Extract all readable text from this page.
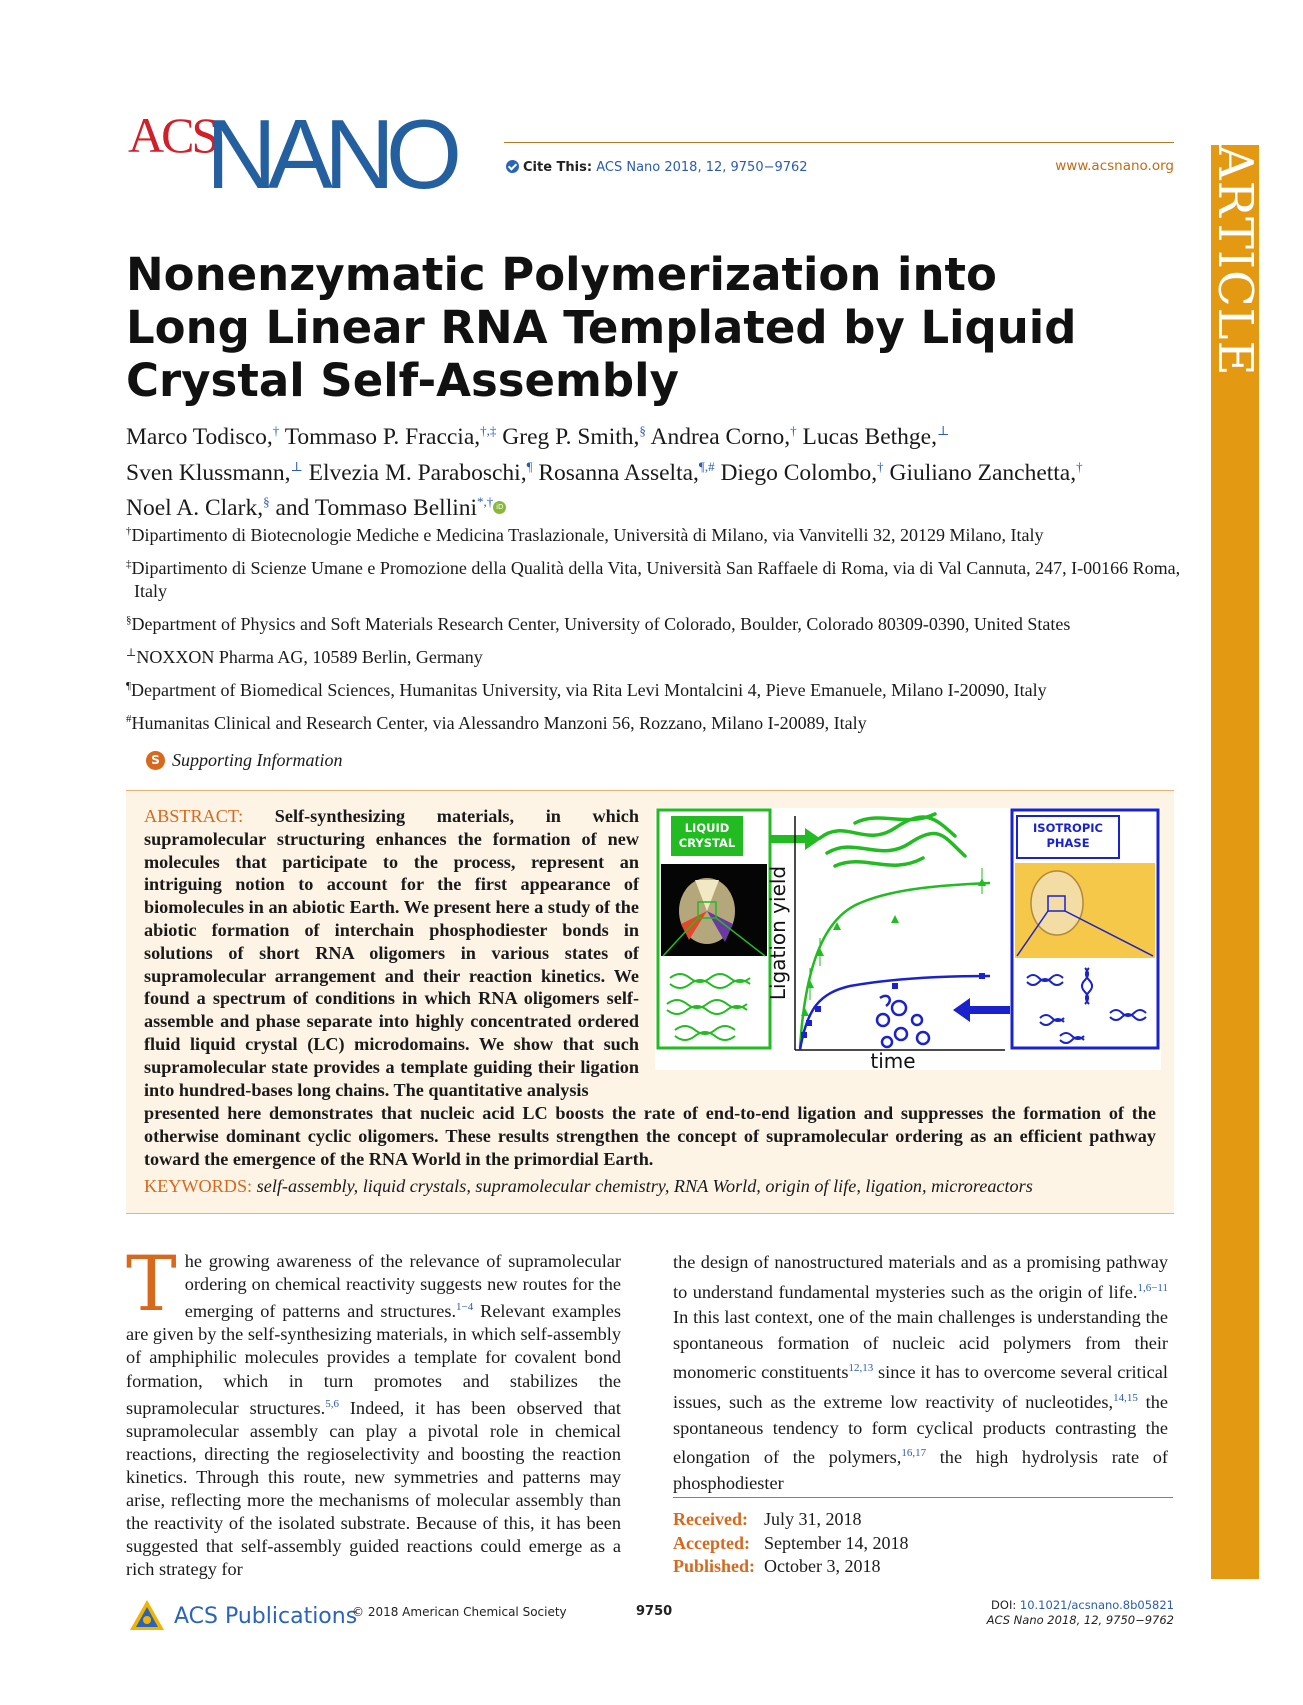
ACS
NANO	Cite This: ACS Nano 2018, 12, 9750−9762	www.acsnano.org ARTICLE
Nonenzymatic Polymerization into Long Linear RNA Templated by Liquid Crystal Self-Assembly
Marco Todisco,† Tommaso P. Fraccia,†,‡ Greg P. Smith,§ Andrea Corno,† Lucas Bethge,⊥
Sven Klussmann,⊥ Elvezia M. Paraboschi,¶ Rosanna Asselta,¶,# Diego Colombo,† Giuliano Zanchetta,†
Noel A. Clark,§ and Tommaso Bellini*,† iD

†Dipartimento di Biotecnologie Mediche e Medicina Traslazionale, Università di Milano, via Vanvitelli 32, 20129 Milano, Italy

‡Dipartimento di Scienze Umane e Promozione della Qualità della Vita, Università San Raffaele di Roma, via di Val Cannuta, 247, I-00166 Roma, Italy

§Department of Physics and Soft Materials Research Center, University of Colorado, Boulder, Colorado 80309-0390, United States

⊥NOXXON Pharma AG, 10589 Berlin, Germany

¶Department of Biomedical Sciences, Humanitas University, via Rita Levi Montalcini 4, Pieve Emanuele, Milano I-20090, Italy

#Humanitas Clinical and Research Center, via Alessandro Manzoni 56, Rozzano, Milano I-20089, Italy

S Supporting Information
ABSTRACT: Self-synthesizing materials, in which supramolecular structuring enhances the formation of new molecules that participate to the process, represent an intriguing notion to account for the first appearance of biomolecules in an abiotic Earth. We present here a study of the abiotic formation of interchain phosphodiester bonds in solutions of short RNA oligomers in various states of supramolecular arrangement and their reaction kinetics. We found a spectrum of conditions in which RNA oligomers self-assemble and phase separate into highly concentrated ordered fluid liquid crystal (LC) microdomains. We show that such supramolecular state provides a template guiding their ligation into hundred-bases long chains. The quantitative analysis
presented here demonstrates that nucleic acid LC boosts the rate of end-to-end ligation and suppresses the formation of the otherwise dominant cyclic oligomers. These results strengthen the concept of supramolecular ordering as an efficient pathway toward the emergence of the RNA World in the primordial Earth.
KEYWORDS: self-assembly, liquid crystals, supramolecular chemistry, RNA World, origin of life, ligation, microreactors
LIQUID
CRYSTAL
Ligation yield
time
ISOTROPIC
PHASE
The growing awareness of the relevance of supramolecular ordering on chemical reactivity suggests new routes for the emerging of patterns and structures.$^{1-4}$ Relevant examples are given by the self-synthesizing materials, in which self-assembly of amphiphilic molecules provides a template for covalent bond formation, which in turn promotes and stabilizes the supramolecular structures.$^{5,6}$ Indeed, it has been observed that supramolecular assembly can play a pivotal role in chemical reactions, directing the regioselectivity and boosting the reaction kinetics. Through this route, new symmetries and patterns may arise, reflecting more the mechanisms of molecular assembly than the reactivity of the isolated substrate. Because of this, it has been suggested that self-assembly guided reactions could emerge as a rich strategy for
the design of nanostructured materials and as a promising pathway to understand fundamental mysteries such as the origin of life.$^{1,6-11}$ In this last context, one of the main challenges is understanding the spontaneous formation of nucleic acid polymers from their monomeric constituents$^{12,13}$ since it has to overcome several critical issues, such as the extreme low reactivity of nucleotides,$^{14,15}$ the spontaneous tendency to form cyclical products contrasting the elongation of the polymers,$^{16,17}$ the high hydrolysis rate of phosphodiester
Received: July 31, 2018
Accepted: September 14, 2018
Published: October 3, 2018
ACS Publications
© 2018 American Chemical Society	9750	DOI: 10.1021/acsnano.8b05821
ACS Nano 2018, 12, 9750−9762
